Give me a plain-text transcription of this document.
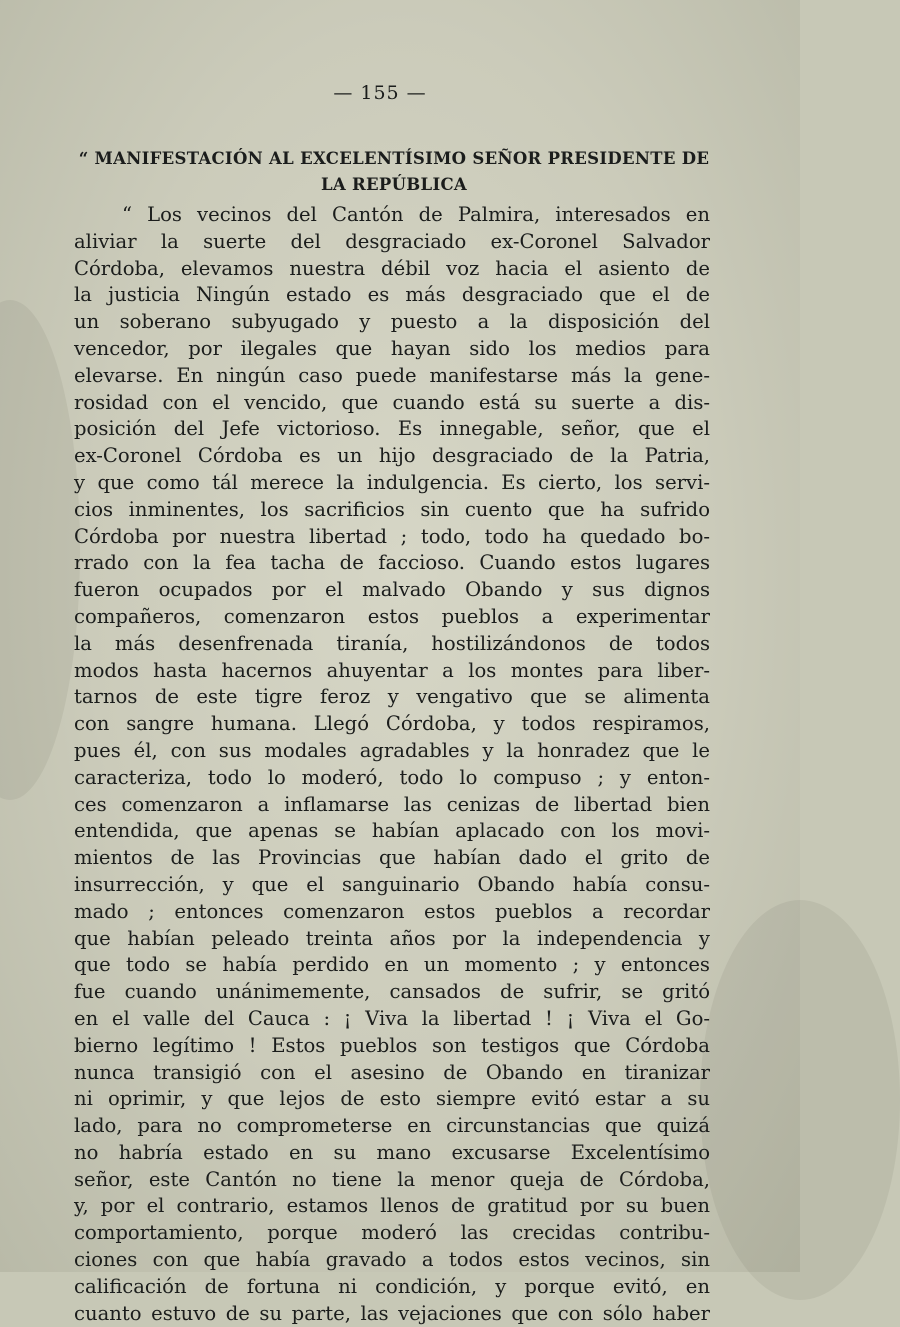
— 155 —
“ MANIFESTACIÓN AL EXCELENTÍSIMO SEÑOR PRESIDENTE DE
LA REPÚBLICA
“ Los vecinos del Cantón de Palmira, interesados en
aliviar la suerte del desgraciado ex-Coronel Salvador
Córdoba, elevamos nuestra débil voz hacia el asiento de
la justicia Ningún estado es más desgraciado que el de
un soberano subyugado y puesto a la disposición del
vencedor, por ilegales que hayan sido los medios para
elevarse. En ningún caso puede manifestarse más la gene-
rosidad con el vencido, que cuando está su suerte a dis-
posición del Jefe victorioso. Es innegable, señor, que el
ex-Coronel Córdoba es un hijo desgraciado de la Patria,
y que como tál merece la indulgencia. Es cierto, los servi-
cios inminentes, los sacrificios sin cuento que ha sufrido
Córdoba por nuestra libertad ; todo, todo ha quedado bo-
rrado con la fea tacha de faccioso. Cuando estos lugares
fueron ocupados por el malvado Obando y sus dignos
compañeros, comenzaron estos pueblos a experimentar
la más desenfrenada tiranía, hostilizándonos de todos
modos hasta hacernos ahuyentar a los montes para liber-
tarnos de este tigre feroz y vengativo que se alimenta
con sangre humana. Llegó Córdoba, y todos respiramos,
pues él, con sus modales agradables y la honradez que le
caracteriza, todo lo moderó, todo lo compuso ; y enton-
ces comenzaron a inflamarse las cenizas de libertad bien
entendida, que apenas se habían aplacado con los movi-
mientos de las Provincias que habían dado el grito de
insurrección, y que el sanguinario Obando había consu-
mado ; entonces comenzaron estos pueblos a recordar
que habían peleado treinta años por la independencia y
que todo se había perdido en un momento ; y entonces
fue cuando unánimemente, cansados de sufrir, se gritó
en el valle del Cauca : ¡ Viva la libertad ! ¡ Viva el Go-
bierno legítimo ! Estos pueblos son testigos que Córdoba
nunca transigió con el asesino de Obando en tiranizar
ni oprimir, y que lejos de esto siempre evitó estar a su
lado, para no comprometerse en circunstancias que quizá
no habría estado en su mano excusarse Excelentísimo
señor, este Cantón no tiene la menor queja de Córdoba,
y, por el contrario, estamos llenos de gratitud por su buen
comportamiento, porque moderó las crecidas contribu-
ciones con que había gravado a todos estos vecinos, sin
calificación de fortuna ni condición, y porque evitó, en
cuanto estuvo de su parte, las vejaciones que con sólo haber
